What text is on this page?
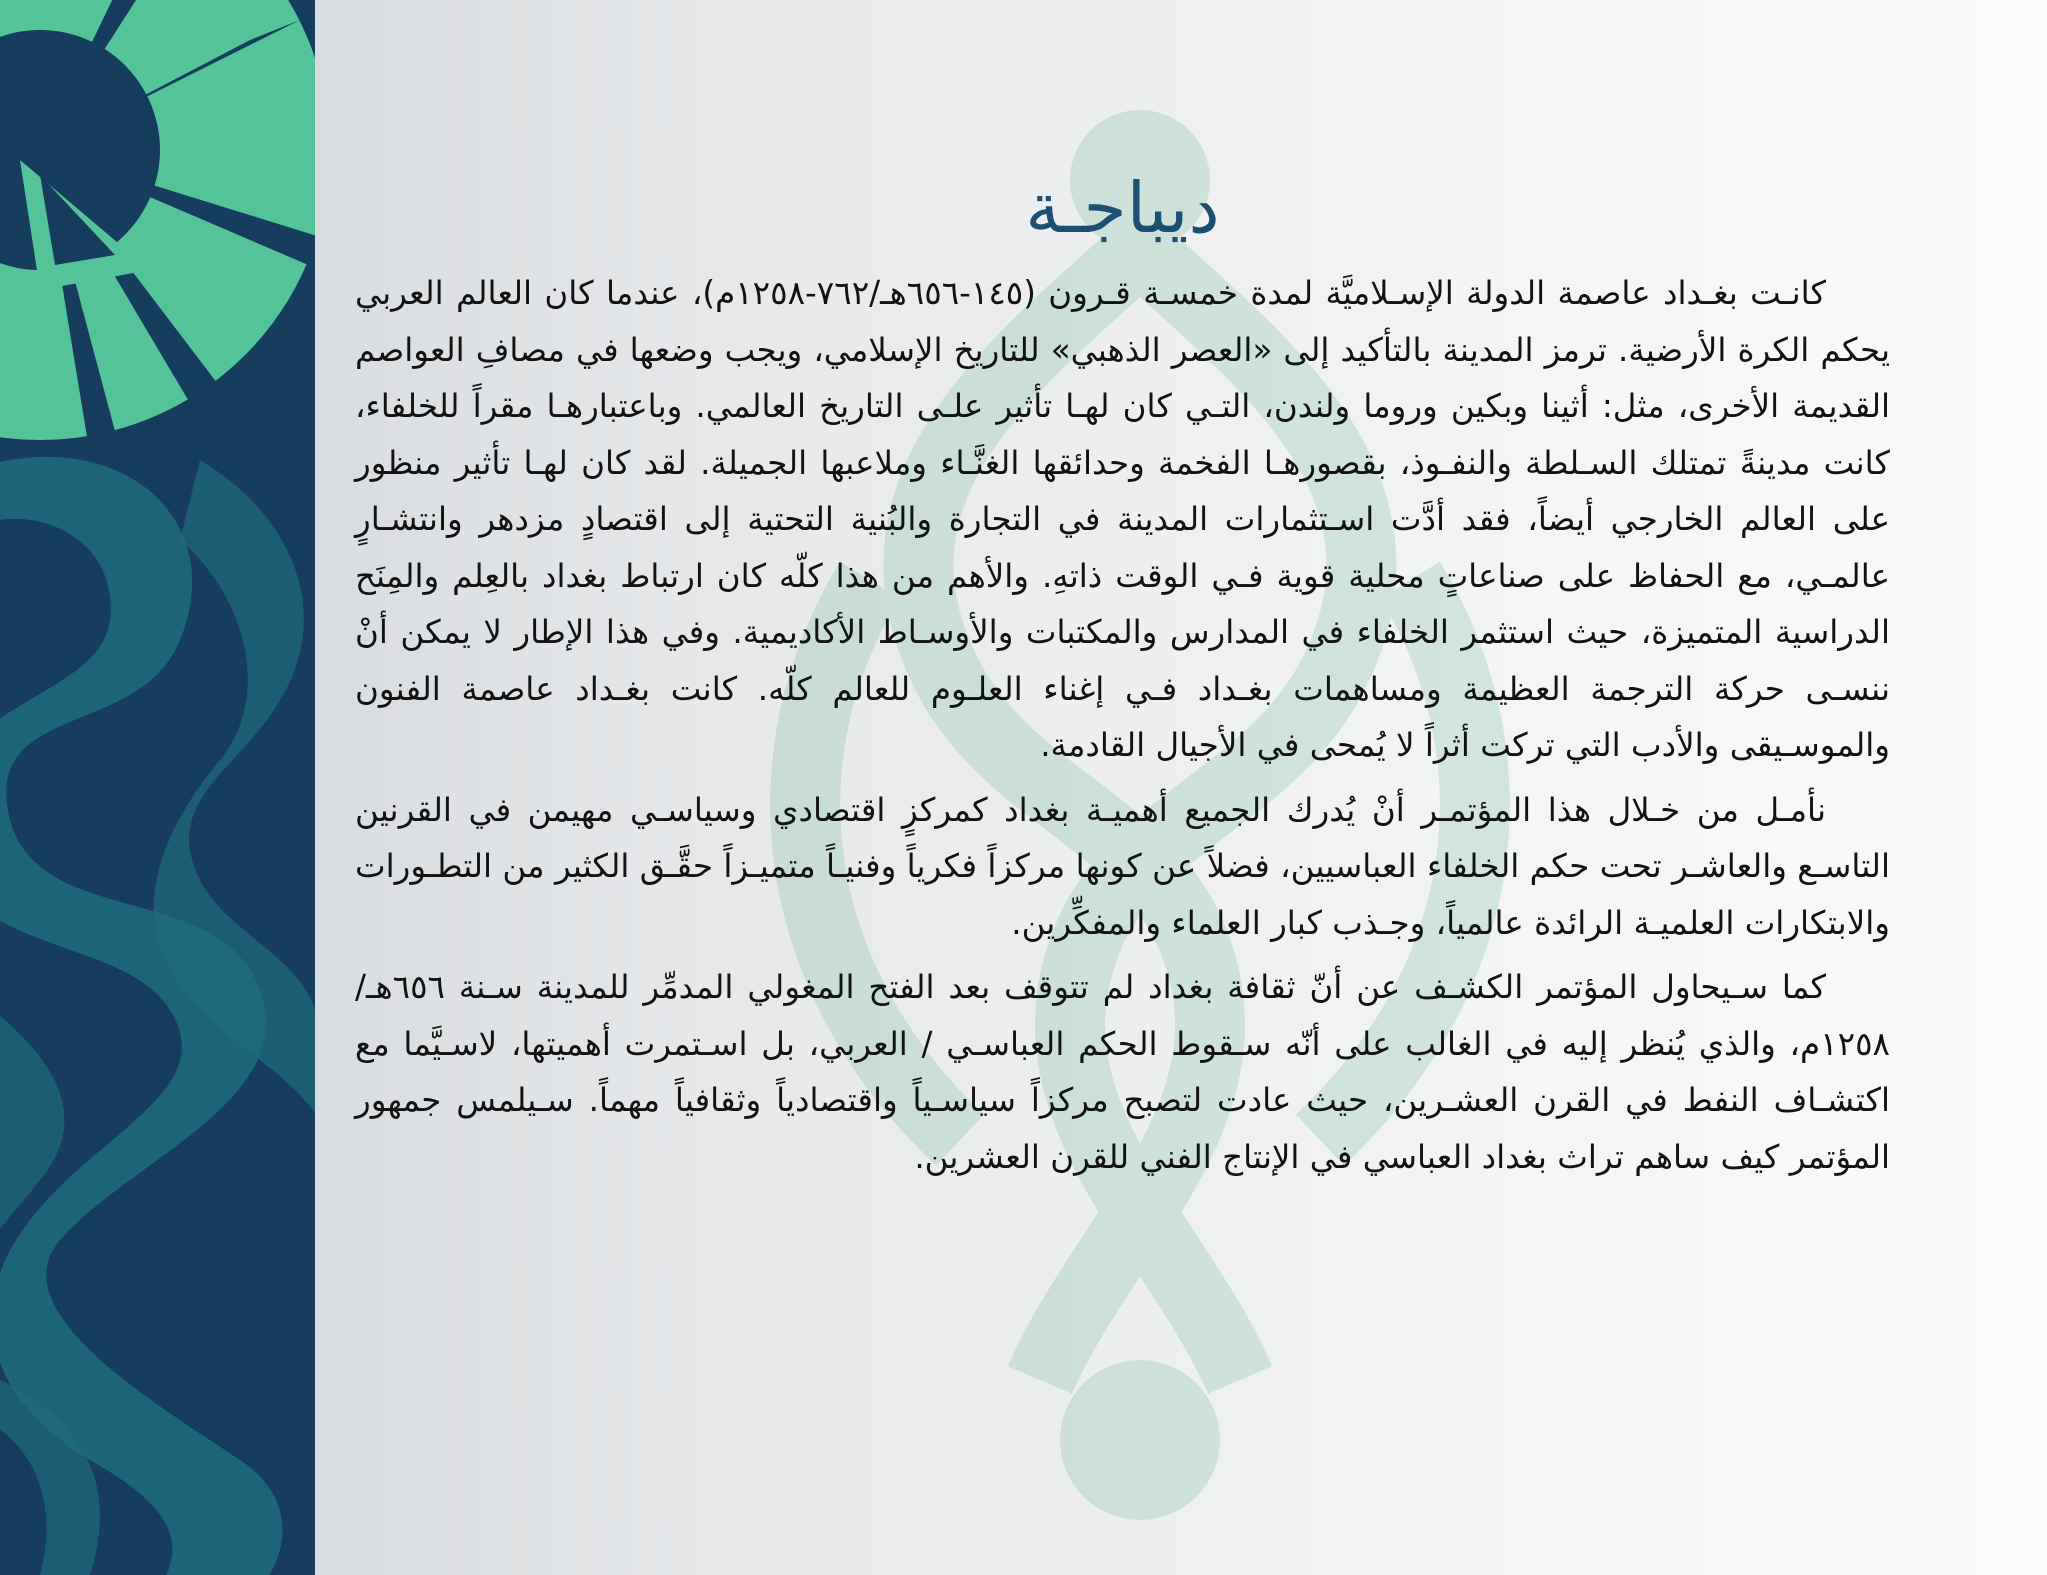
ديباجـة

كانـت بغـداد عاصمة الدولة الإسـلاميَّة لمدة خمسـة قـرون (١٤٥-٦٥٦هـ/٧٦٢-١٢٥٨م)، عندما كان العالم العربي يحكم الكرة الأرضية. ترمز المدينة بالتأكيد إلى «العصر الذهبي» للتاريخ الإسلامي، ويجب وضعها في مصافِ العواصم القديمة الأخرى، مثل: أثينا وبكين وروما ولندن، التـي كان لهـا تأثير علـى التاريخ العالمي. وباعتبارهـا مقراً للخلفاء، كانت مدينةً تمتلك السـلطة والنفـوذ، بقصورهـا الفخمة وحدائقها الغنَّـاء وملاعبها الجميلة. لقد كان لهـا تأثير منظور على العالم الخارجي أيضاً، فقد أدَّت اسـتثمارات المدينة في التجارة والبُنية التحتية إلى اقتصادٍ مزدهر وانتشـارٍ عالمـي، مع الحفاظ على صناعاتٍ محلية قوية فـي الوقت ذاتهِ. والأهم من هذا كلّه كان ارتباط بغداد بالعِلم والمِنَح الدراسية المتميزة، حيث استثمر الخلفاء في المدارس والمكتبات والأوسـاط الأكاديمية. وفي هذا الإطار لا يمكن أنْ ننسـى حركة الترجمة العظيمة ومساهمات بغـداد فـي إغناء العلـوم للعالم كلّه. كانت بغـداد عاصمة الفنون والموسـيقى والأدب التي تركت أثراً لا يُمحى في الأجيال القادمة.

نأمـل من خـلال هذا المؤتمـر أنْ يُدرك الجميع أهميـة بغداد كمركزٍ اقتصادي وسياسـي مهيمن في القرنين التاسـع والعاشـر تحت حكم الخلفاء العباسيين، فضلاً عن كونها مركزاً فكرياً وفنيـاً متميـزاً حقَّـق الكثير من التطـورات والابتكارات العلميـة الرائدة عالمياً، وجـذب كبار العلماء والمفكِّرين.

كما سـيحاول المؤتمر الكشـف عن أنّ ثقافة بغداد لم تتوقف بعد الفتح المغولي المدمِّر للمدينة سـنة ٦٥٦هـ/١٢٥٨م، والذي يُنظر إليه في الغالب على أنّه سـقوط الحكم العباسـي / العربي، بل اسـتمرت أهميتها، لاسـيَّما مع اكتشـاف النفط في القرن العشـرين، حيث عادت لتصبح مركزاً سياسـياً واقتصادياً وثقافياً مهماً. سـيلمس جمهور المؤتمر كيف ساهم تراث بغداد العباسي في الإنتاج الفني للقرن العشرين.
